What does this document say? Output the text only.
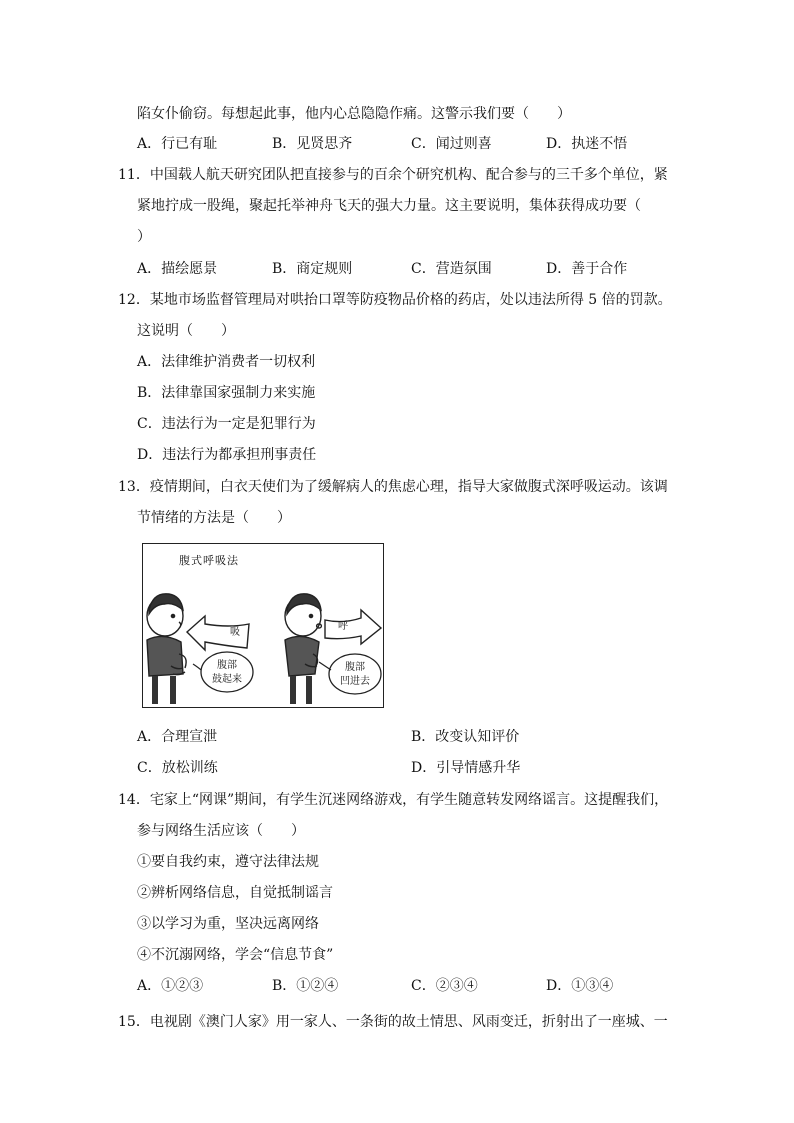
陷女仆偷窃。每想起此事，他内心总隐隐作痛。这警示我们要（　　）
A．行已有耻	B．见贤思齐	C．闻过则喜	D．执迷不悟
11．中国载人航天研究团队把直接参与的百余个研究机构、配合参与的三千多个单位，紧
紧地拧成一股绳，聚起托举神舟飞天的强大力量。这主要说明，集体获得成功要（
）
A．描绘愿景	B．商定规则	C．营造氛围	D．善于合作
12．某地市场监督管理局对哄抬口罩等防疫物品价格的药店，处以违法所得 5 倍的罚款。
这说明（　　）
A．法律维护消费者一切权利
B．法律靠国家强制力来实施
C．违法行为一定是犯罪行为
D．违法行为都承担刑事责任
13．疫情期间，白衣天使们为了缓解病人的焦虑心理，指导大家做腹式深呼吸运动。该调
节情绪的方法是（　　）
腹式呼吸法
吸
腹部
鼓起来
呼
腹部
凹进去
A．合理宣泄	B．改变认知评价
C．放松训练	D．引导情感升华
14．宅家上“网课”期间，有学生沉迷网络游戏，有学生随意转发网络谣言。这提醒我们，
参与网络生活应该（　　）
①要自我约束，遵守法律法规
②辨析网络信息，自觉抵制谣言
③以学习为重，坚决远离网络
④不沉溺网络，学会“信息节食”
A．①②③	B．①②④	C．②③④	D．①③④
15．电视剧《澳门人家》用一家人、一条街的故土情思、风雨变迁，折射出了一座城、一
